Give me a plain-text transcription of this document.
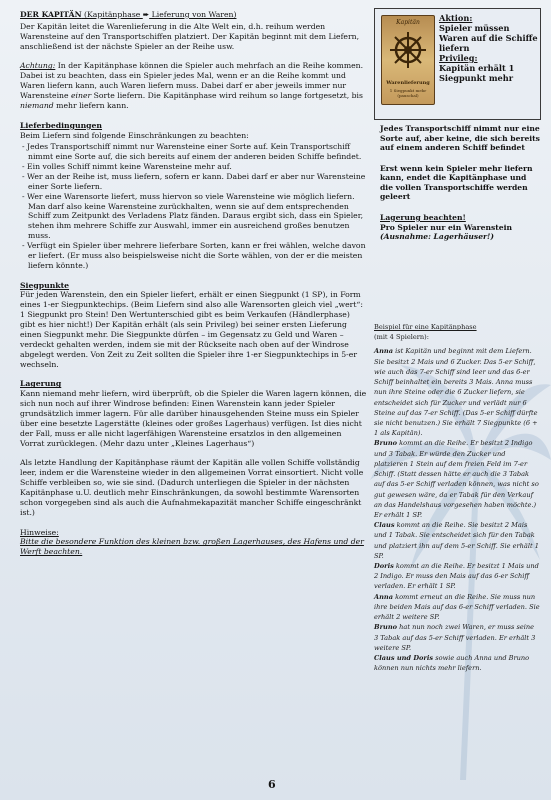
DER KAPITÄN (Kapitänphase ➨ Lieferung von Waren)

Der Kapitän leitet die Warenlieferung in die Alte Welt ein, d.h. reihum werden Warensteine auf den Transportschiffen platziert. Der Kapitän beginnt mit dem Liefern, anschließend ist der nächste Spieler an der Reihe usw.

Achtung: In der Kapitänphase können die Spieler auch mehrfach an die Reihe kommen. Dabei ist zu beachten, dass ein Spieler jedes Mal, wenn er an die Reihe kommt und Waren liefern kann, auch Waren liefern muss. Dabei darf er aber jeweils immer nur Warensteine einer Sorte liefern. Die Kapitänphase wird reihum so lange fortgesetzt, bis niemand mehr liefern kann.

Lieferbedingungen

Beim Liefern sind folgende Einschränkungen zu beachten:

- Jedes Transportschiff nimmt nur Warensteine einer Sorte auf. Kein Transportschiff nimmt eine Sorte auf, die sich bereits auf einem der anderen beiden Schiffe befindet.

- Ein volles Schiff nimmt keine Warensteine mehr auf.

- Wer an der Reihe ist, muss liefern, sofern er kann. Dabei darf er aber nur Warensteine einer Sorte liefern.

- Wer eine Warensorte liefert, muss hiervon so viele Warensteine wie möglich liefern. Man darf also keine Warensteine zurückhalten, wenn sie auf dem entsprechenden Schiff zum Zeitpunkt des Verladens Platz fänden. Daraus ergibt sich, dass ein Spieler, stehen ihm mehrere Schiffe zur Auswahl, immer ein ausreichend großes benutzen muss.

- Verfügt ein Spieler über mehrere lieferbare Sorten, kann er frei wählen, welche davon er liefert. (Er muss also beispielsweise nicht die Sorte wählen, von der er die meisten liefern könnte.)

Siegpunkte

Für jeden Warenstein, den ein Spieler liefert, erhält er einen Siegpunkt (1 SP), in Form eines 1-er Siegpunktechips. (Beim Liefern sind also alle Warensorten gleich viel „wert“: 1 Siegpunkt pro Stein! Den Wertunterschied gibt es beim Verkaufen (Händlerphase) gibt es hier nicht!) Der Kapitän erhält (als sein Privileg) bei seiner ersten Lieferung einen Siegpunkt mehr. Die Siegpunkte dürfen – im Gegensatz zu Geld und Waren – verdeckt gehalten werden, indem sie mit der Rückseite nach oben auf der Windrose abgelegt werden. Von Zeit zu Zeit sollten die Spieler ihre 1-er Siegpunktechips in 5-er wechseln.

Lagerung

Kann niemand mehr liefern, wird überprüft, ob die Spieler die Waren lagern können, die sich nun noch auf ihrer Windrose befinden: Einen Warenstein kann jeder Spieler grundsätzlich immer lagern. Für alle darüber hinausgehenden Steine muss ein Spieler über eine besetzte Lagerstätte (kleines oder großes Lagerhaus) verfügen. Ist dies nicht der Fall, muss er alle nicht lagerfähigen Warensteine ersatzlos in den allgemeinen Vorrat zurücklegen. (Mehr dazu unter „Kleines Lagerhaus“)

Als letzte Handlung der Kapitänphase räumt der Kapitän alle vollen Schiffe vollständig leer, indem er die Warensteine wieder in den allgemeinen Vorrat einsortiert. Nicht volle Schiffe verbleiben so, wie sie sind. (Dadurch unterliegen die Spieler in der nächsten Kapitänphase u.U. deutlich mehr Einschränkungen, da sowohl bestimmte Warensorten schon vorgegeben sind als auch die Aufnahmekapazität mancher Schiffe eingeschränkt ist.)

Hinweise:
Bitte die besondere Funktion des kleinen bzw. großen Lagerhauses, des Hafens und der Werft beachten.

Kapitän
Warenlieferung
1 Siegpunkt mehr (pauschal)
Aktion:
Spieler müssen Waren auf die Schiffe liefern
Privileg:
Kapitän erhält 1 Siegpunkt mehr

Jedes Transportschiff nimmt nur eine Sorte auf, aber keine, die sich bereits auf einem anderen Schiff befindet

Erst wenn kein Spieler mehr liefern kann, endet die Kapitänphase und die vollen Transportschiffe werden geleert

Lagerung beachten!
Pro Spieler nur ein Warenstein
(Ausnahme: Lagerhäuser!)

Beispiel für eine Kapitänphase

(mit 4 Spielern):

Anna ist Kapitän und beginnt mit dem Liefern. Sie besitzt 2 Mais und 6 Zucker. Das 5-er Schiff, wie auch das 7-er Schiff sind leer und das 6-er Schiff beinhaltet ein bereits 3 Mais. Anna muss nun ihre Steine oder die 6 Zucker liefern, sie entscheidet sich für Zucker und verlädt nur 6 Steine auf das 7-er Schiff. (Das 5-er Schiff dürfte sie nicht benutzen.) Sie erhält 7 Siegpunkte (6 + 1 als Kapitän).

Bruno kommt an die Reihe. Er besitzt 2 Indigo und 3 Tabak. Er würde den Zucker und platzieren 1 Stein auf dem freien Feld im 7-er Schiff. (Statt dessen hätte er auch die 3 Tabak auf das 5-er Schiff verladen können, was nicht so gut gewesen wäre, da er Tabak für den Verkauf an das Handelshaus vorgesehen haben möchte.) Er erhält 1 SP.

Claus kommt an die Reihe. Sie besitzt 2 Mais und 1 Tabak. Sie entscheidet sich für den Tabak und platziert ihn auf dem 5-er Schiff. Sie erhält 1 SP.

Doris kommt an die Reihe. Er besitzt 1 Mais und 2 Indigo. Er muss den Mais auf das 6-er Schiff verladen. Er erhält 1 SP.

Anna kommt erneut an die Reihe. Sie muss nun ihre beiden Mais auf das 6-er Schiff verladen. Sie erhält 2 weitere SP.

Bruno hat nun noch zwei Waren, er muss seine 3 Tabak auf das 5-er Schiff verladen. Er erhält 3 weitere SP.

Claus und Doris sowie auch Anna und Bruno können nun nichts mehr liefern.

6
